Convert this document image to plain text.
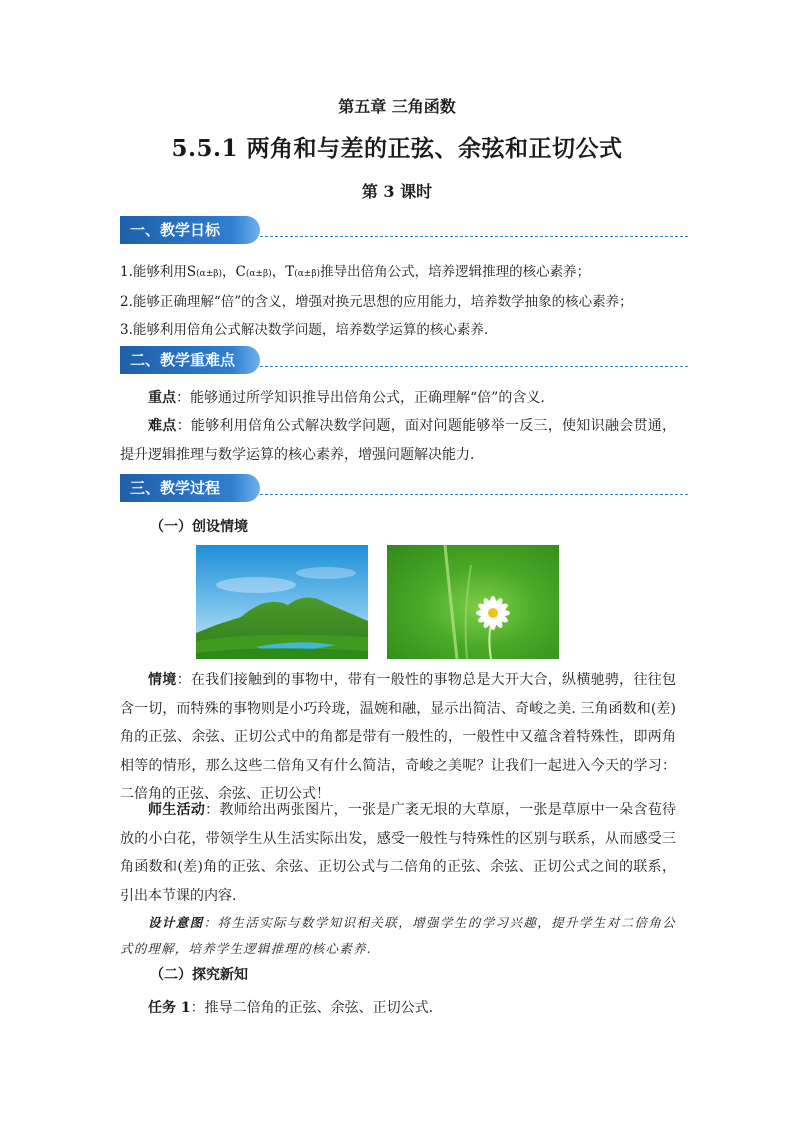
第五章 三角函数
5.5.1 两角和与差的正弦、余弦和正切公式
第 3 课时
一、教学日标
1.能够利用S(α±β)，C(α±β)，T(α±β)推导出倍角公式，培养逻辑推理的核心素养；
2.能够正确理解“倍”的含义，增强对换元思想的应用能力，培养数学抽象的核心素养；
3.能够利用倍角公式解决数学问题，培养数学运算的核心素养.
二、教学重难点
重点：能够通过所学知识推导出倍角公式，正确理解“倍”的含义.
难点：能够利用倍角公式解决数学问题，面对问题能够举一反三，使知识融会贯通，提升逻辑推理与数学运算的核心素养，增强问题解决能力.
三、教学过程
（一）创设情境
情境：在我们接触到的事物中，带有一般性的事物总是大开大合，纵横驰骋，往往包含一切，而特殊的事物则是小巧玲珑，温婉和融，显示出简洁、奇峻之美. 三角函数和(差)角的正弦、余弦、正切公式中的角都是带有一般性的，一般性中又蕴含着特殊性，即两角相等的情形，那么这些二倍角又有什么简洁，奇峻之美呢？让我们一起进入今天的学习：二倍角的正弦、余弦、正切公式！
师生活动：教师给出两张图片，一张是广袤无垠的大草原，一张是草原中一朵含苞待放的小白花，带领学生从生活实际出发，感受一般性与特殊性的区别与联系，从而感受三角函数和(差)角的正弦、余弦、正切公式与二倍角的正弦、余弦、正切公式之间的联系，引出本节课的内容.
设计意图：将生活实际与数学知识相关联，增强学生的学习兴趣，提升学生对二倍角公式的理解，培养学生逻辑推理的核心素养.
（二）探究新知
任务 1：推导二倍角的正弦、余弦、正切公式.
